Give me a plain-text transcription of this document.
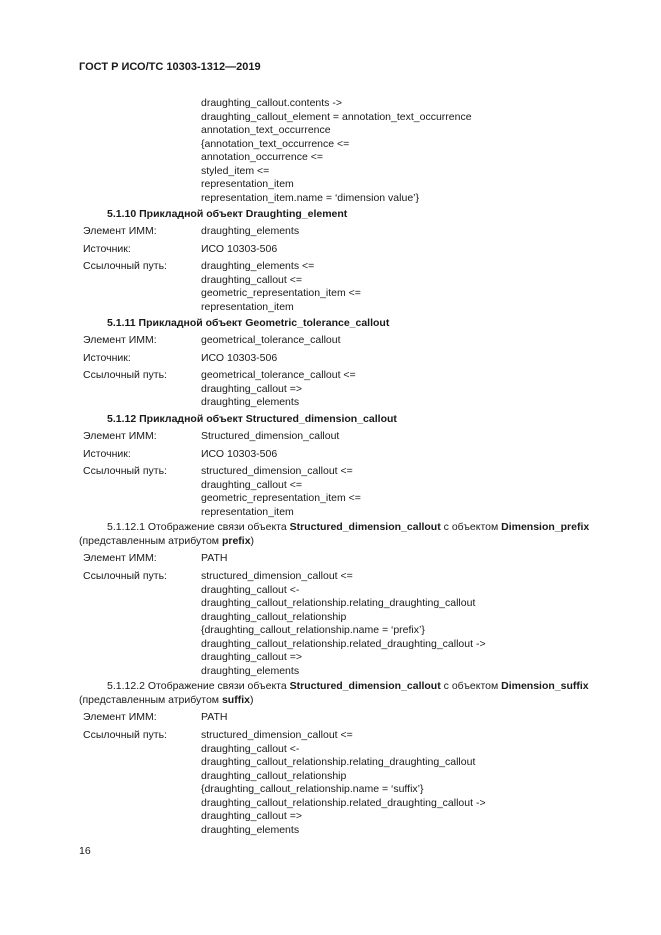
ГОСТ Р ИСО/ТС 10303-1312—2019
draughting_callout.contents ->
draughting_callout_element = annotation_text_occurrence
annotation_text_occurrence
{annotation_text_occurrence <=
annotation_occurrence <=
styled_item <=
representation_item
representation_item.name = ‘dimension value’}
5.1.10 Прикладной объект Draughting_element
Элемент ИММ:	draughting_elements
Источник:	ИСО 10303-506
Ссылочный путь:	draughting_elements <=
draughting_callout <=
geometric_representation_item <=
representation_item
5.1.11 Прикладной объект Geometric_tolerance_callout
Элемент ИММ:	geometrical_tolerance_callout
Источник:	ИСО 10303-506
Ссылочный путь:	geometrical_tolerance_callout <=
draughting_callout =>
draughting_elements
5.1.12 Прикладной объект Structured_dimension_callout
Элемент ИММ:	Structured_dimension_callout
Источник:	ИСО 10303-506
Ссылочный путь:	structured_dimension_callout <=
draughting_callout <=
geometric_representation_item <=
representation_item
5.1.12.1 Отображение связи объекта Structured_dimension_callout с объектом Dimension_prefix
(представленным атрибутом prefix)
Элемент ИММ:	PATH
Ссылочный путь:	structured_dimension_callout <=
draughting_callout <-
draughting_callout_relationship.relating_draughting_callout
draughting_callout_relationship
{draughting_callout_relationship.name = ‘prefix’}
draughting_callout_relationship.related_draughting_callout ->
draughting_callout =>
draughting_elements
5.1.12.2 Отображение связи объекта Structured_dimension_callout с объектом Dimension_suffix
(представленным атрибутом suffix)
Элемент ИММ:	PATH
Ссылочный путь:	structured_dimension_callout <=
draughting_callout <-
draughting_callout_relationship.relating_draughting_callout
draughting_callout_relationship
{draughting_callout_relationship.name = ‘suffix’}
draughting_callout_relationship.related_draughting_callout ->
draughting_callout =>
draughting_elements
16
